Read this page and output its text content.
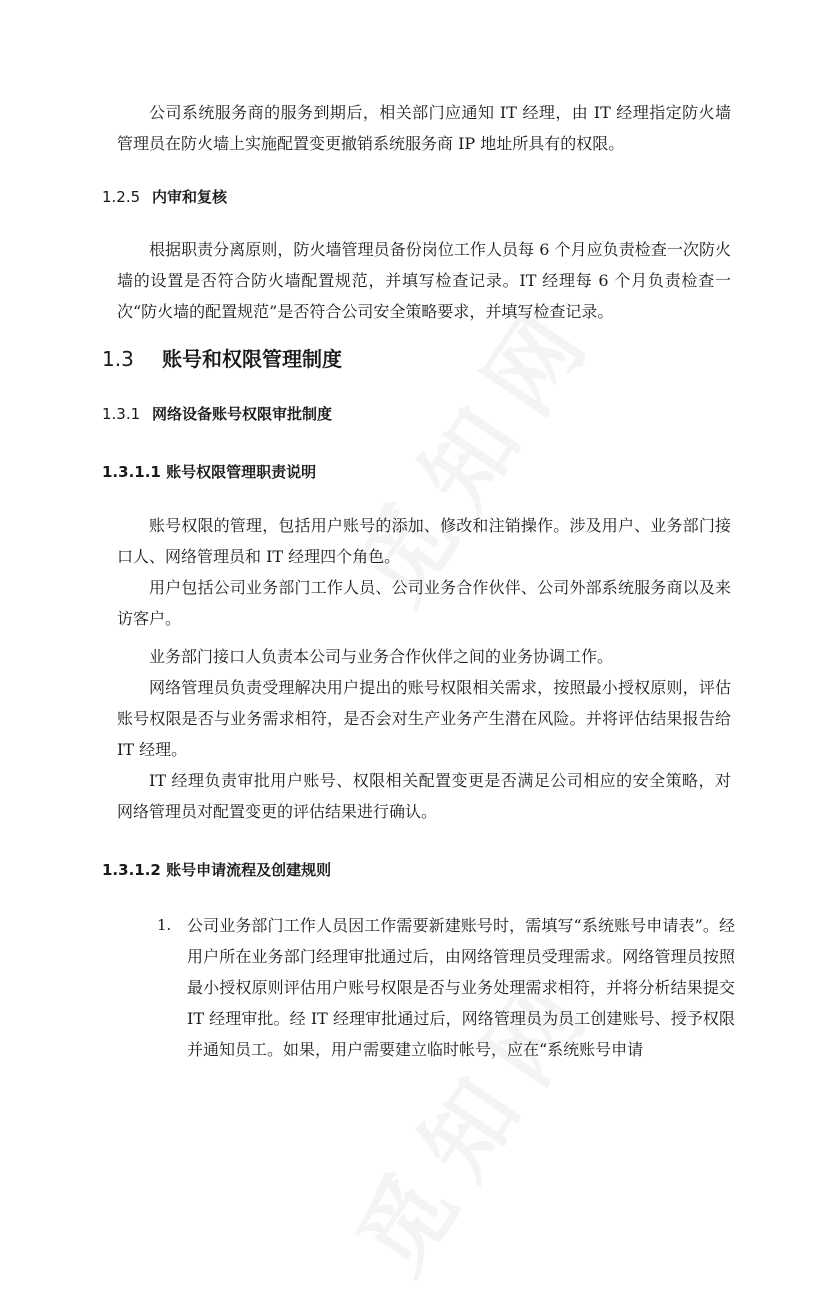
公司系统服务商的服务到期后，相关部门应通知 IT 经理，由 IT 经理指定防火墙管理员在防火墙上实施配置变更撤销系统服务商 IP 地址所具有的权限。

1.2.5 内审和复核

根据职责分离原则，防火墙管理员备份岗位工作人员每 6 个月应负责检查一次防火墙的设置是否符合防火墙配置规范，并填写检查记录。IT 经理每 6 个月负责检查一次“防火墙的配置规范”是否符合公司安全策略要求，并填写检查记录。

1.3 账号和权限管理制度
1.3.1 网络设备账号权限审批制度
1.3.1.1 账号权限管理职责说明

账号权限的管理，包括用户账号的添加、修改和注销操作。涉及用户、业务部门接口人、网络管理员和 IT 经理四个角色。

用户包括公司业务部门工作人员、公司业务合作伙伴、公司外部系统服务商以及来访客户。

业务部门接口人负责本公司与业务合作伙伴之间的业务协调工作。

网络管理员负责受理解决用户提出的账号权限相关需求，按照最小授权原则，评估账号权限是否与业务需求相符，是否会对生产业务产生潜在风险。并将评估结果报告给 IT 经理。

IT 经理负责审批用户账号、权限相关配置变更是否满足公司相应的安全策略，对网络管理员对配置变更的评估结果进行确认。

1.3.1.2 账号申请流程及创建规则
1. 公司业务部门工作人员因工作需要新建账号时，需填写“系统账号申请表”。经用户所在业务部门经理审批通过后，由网络管理员受理需求。网络管理员按照最小授权原则评估用户账号权限是否与业务处理需求相符，并将分析结果提交 IT 经理审批。经 IT 经理审批通过后，网络管理员为员工创建账号、授予权限并通知员工。如果，用户需要建立临时帐号，应在“系统账号申请
